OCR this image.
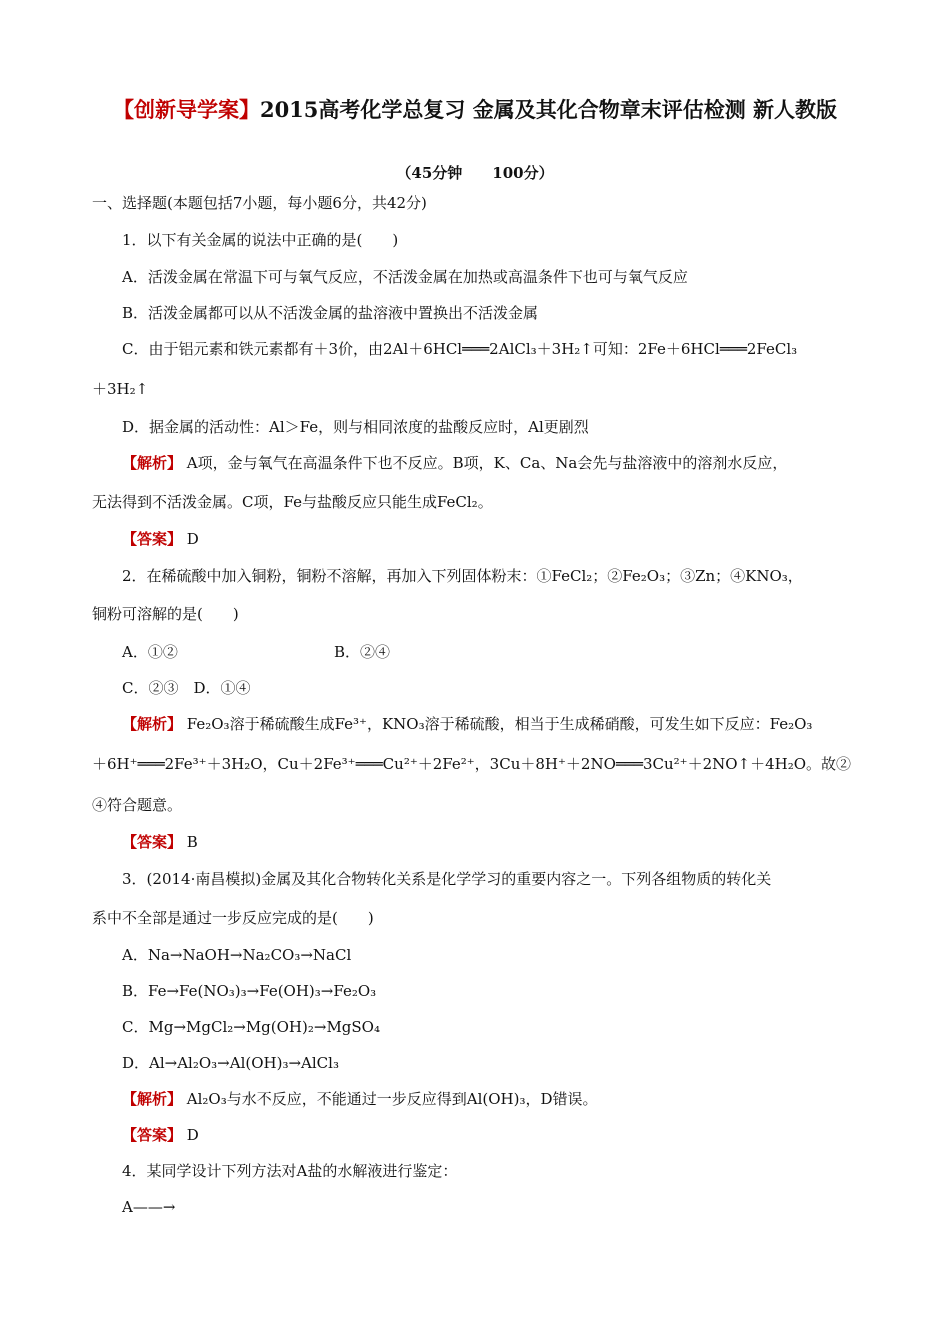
【创新导学案】2015高考化学总复习 金属及其化合物章末评估检测 新人教版
（45分钟　　100分）
一、选择题(本题包括7小题，每小题6分，共42分)
1．以下有关金属的说法中正确的是(　　)
A．活泼金属在常温下可与氧气反应，不活泼金属在加热或高温条件下也可与氧气反应
B．活泼金属都可以从不活泼金属的盐溶液中置换出不活泼金属
C．由于铝元素和铁元素都有＋3价，由2Al＋6HCl═══2AlCl₃＋3H₂↑可知：2Fe＋6HCl═══2FeCl₃
＋3H₂↑
D．据金属的活动性：Al＞Fe，则与相同浓度的盐酸反应时，Al更剧烈
【解析】 A项，金与氧气在高温条件下也不反应。B项，K、Ca、Na会先与盐溶液中的溶剂水反应，
无法得到不活泼金属。C项，Fe与盐酸反应只能生成FeCl₂。
【答案】 D
2．在稀硫酸中加入铜粉，铜粉不溶解，再加入下列固体粉末：①FeCl₂；②Fe₂O₃；③Zn；④KNO₃，
铜粉可溶解的是(　　)
A．①②	B．②④
C．②③　D．①④
【解析】 Fe₂O₃溶于稀硫酸生成Fe³⁺，KNO₃溶于稀硫酸，相当于生成稀硝酸，可发生如下反应：Fe₂O₃
＋6H⁺═══2Fe³⁺＋3H₂O，Cu＋2Fe³⁺═══Cu²⁺＋2Fe²⁺，3Cu＋8H⁺＋2NO═══3Cu²⁺＋2NO↑＋4H₂O。故②
④符合题意。
【答案】 B
3．(2014·南昌模拟)金属及其化合物转化关系是化学学习的重要内容之一。下列各组物质的转化关
系中不全部是通过一步反应完成的是(　　)
A．Na→NaOH→Na₂CO₃→NaCl
B．Fe→Fe(NO₃)₃→Fe(OH)₃→Fe₂O₃
C．Mg→MgCl₂→Mg(OH)₂→MgSO₄
D．Al→Al₂O₃→Al(OH)₃→AlCl₃
【解析】 Al₂O₃与水不反应，不能通过一步反应得到Al(OH)₃，D错误。
【答案】 D
4．某同学设计下列方法对A盐的水解液进行鉴定：
A——→
